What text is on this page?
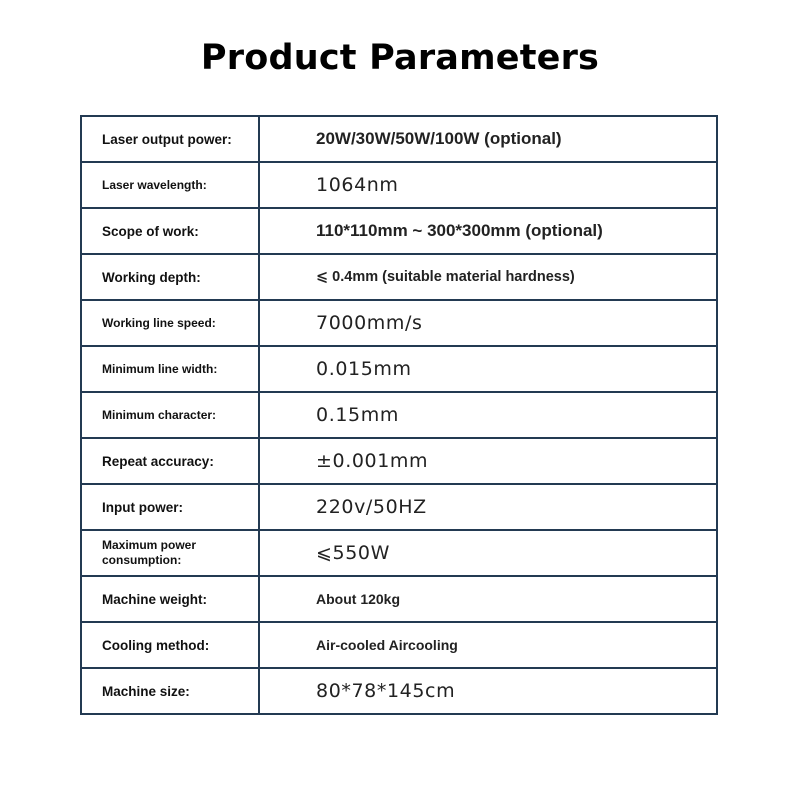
Product Parameters
Laser output power:	20W/30W/50W/100W (optional)
Laser wavelength:	1064nm
Scope of work:	110*110mm ~ 300*300mm (optional)
Working depth:	⩽ 0.4mm (suitable material hardness)
Working line speed:	7000mm/s
Minimum line width:	0.015mm
Minimum character:	0.15mm
Repeat accuracy:	±0.001mm
Input power:	220v/50HZ
Maximum power consumption:	⩽550W
Machine weight:	About 120kg
Cooling method:	Air-cooled Aircooling
Machine size:	80*78*145cm
